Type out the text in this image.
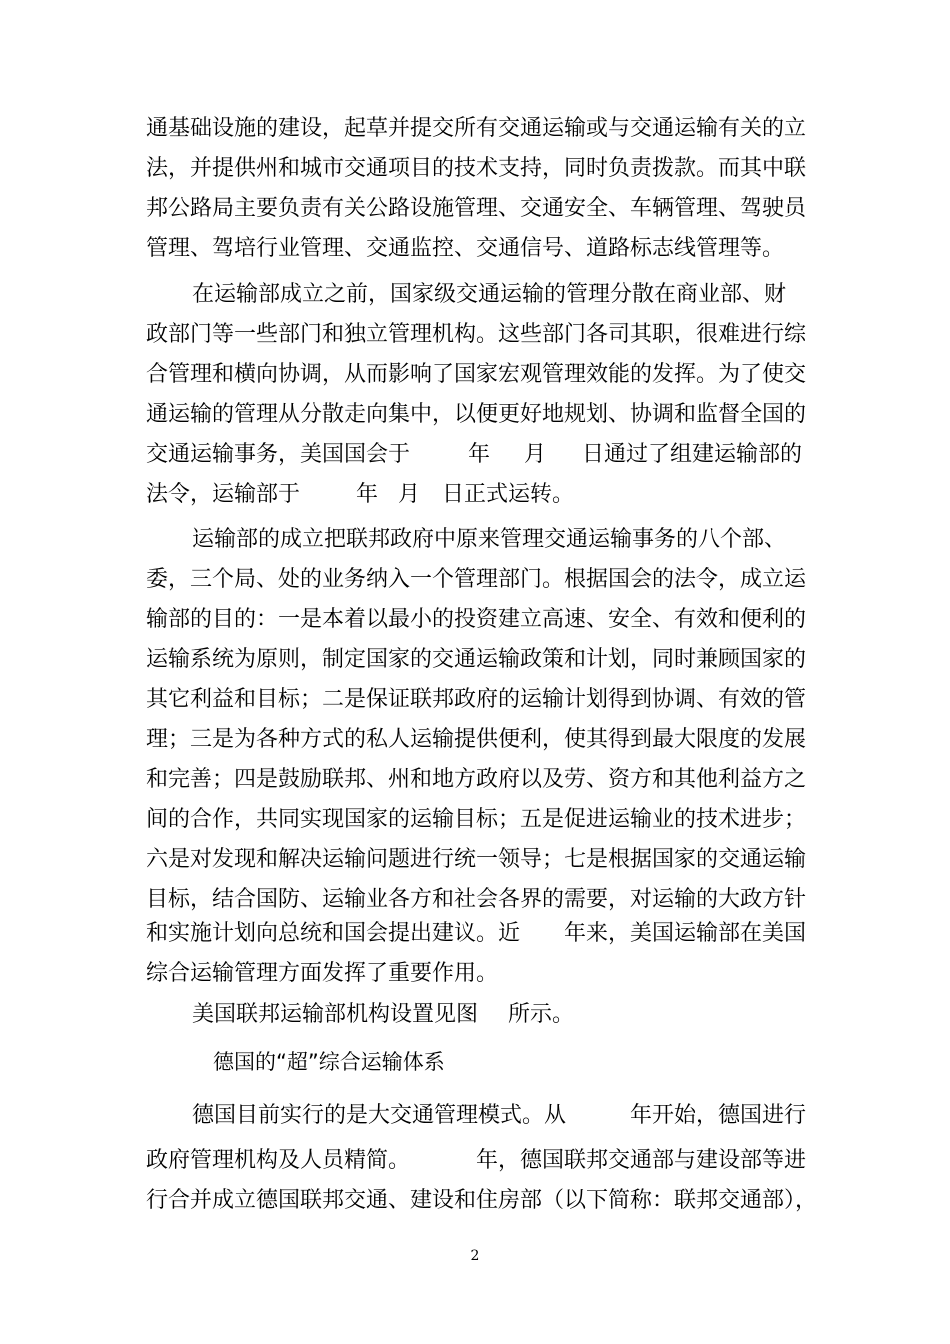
通基础设施的建设，起草并提交所有交通运输或与交通运输有关的立
法，并提供州和城市交通项目的技术支持，同时负责拨款。而其中联
邦公路局主要负责有关公路设施管理、交通安全、车辆管理、驾驶员
管理、驾培行业管理、交通监控、交通信号、道路标志线管理等。
在运输部成立之前，国家级交通运输的管理分散在商业部、财
政部门等一些部门和独立管理机构。这些部门各司其职，很难进行综
合管理和横向协调，从而影响了国家宏观管理效能的发挥。为了使交
通运输的管理从分散走向集中，以便更好地规划、协调和监督全国的
交通运输事务，美国国会于	年 月 日通过了组建运输部的
法令，运输部于	年 月 日正式运转。
运输部的成立把联邦政府中原来管理交通运输事务的八个部、
委，三个局、处的业务纳入一个管理部门。根据国会的法令，成立运
输部的目的：一是本着以最小的投资建立高速、安全、有效和便利的
运输系统为原则，制定国家的交通运输政策和计划，同时兼顾国家的
其它利益和目标；二是保证联邦政府的运输计划得到协调、有效的管
理；三是为各种方式的私人运输提供便利，使其得到最大限度的发展
和完善；四是鼓励联邦、州和地方政府以及劳、资方和其他利益方之
间的合作，共同实现国家的运输目标；五是促进运输业的技术进步；
六是对发现和解决运输问题进行统一领导；七是根据国家的交通运输
目标，结合国防、运输业各方和社会各界的需要，对运输的大政方针
和实施计划向总统和国会提出建议。近 年来，美国运输部在美国
综合运输管理方面发挥了重要作用。
美国联邦运输部机构设置见图 所示。
德国的“超”综合运输体系
德国目前实行的是大交通管理模式。从	年开始，德国进行
政府管理机构及人员精简。	年，德国联邦交通部与建设部等进
行合并成立德国联邦交通、建设和住房部（以下简称：联邦交通部），
2
